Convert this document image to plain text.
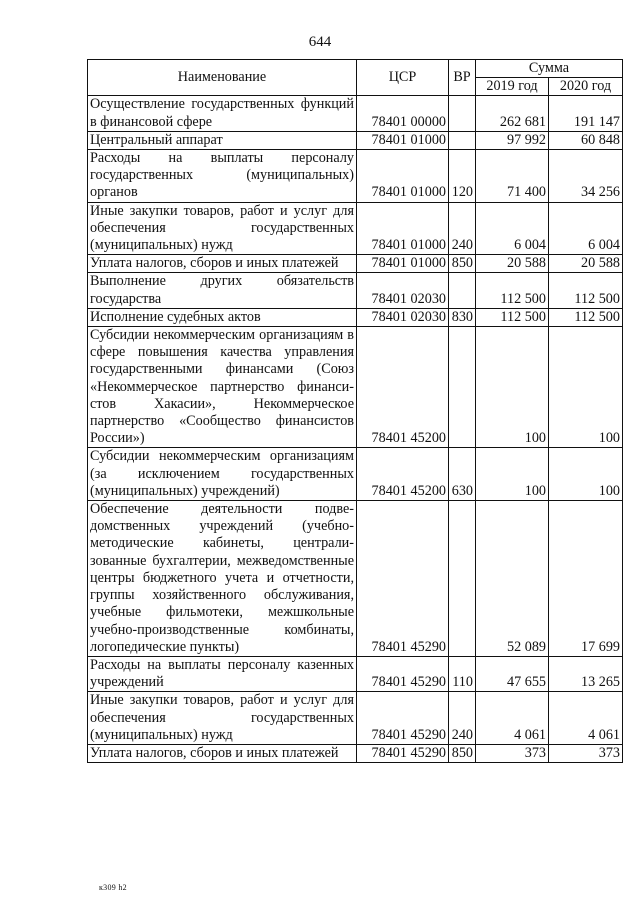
644
Наименование	ЦСР	ВР	Сумма	
			2019 год	2020 год
Осуществление государственных функций в финансовой сфере	78401 00000		262 681	191 147
Центральный аппарат	78401 01000		97 992	60 848
Расходы на выплаты персоналу государственных (муниципальных) органов	78401 01000	120	71 400	34 256
Иные закупки товаров, работ и услуг для обеспечения государственных (муниципальных) нужд	78401 01000	240	6 004	6 004
Уплата налогов, сборов и иных платежей	78401 01000	850	20 588	20 588
Выполнение других обязательств государства	78401 02030		112 500	112 500
Исполнение судебных актов	78401 02030	830	112 500	112 500
Субсидии некоммерческим организациям в сфере повышения качества управления государственными финансами (Союз «Некоммерческое партнерство финансистов Хакасии», Некоммерческое партнерство «Сообщество финансистов России»)	78401 45200		100	100
Субсидии некоммерческим организациям (за исключением государственных (муниципальных) учреждений)	78401 45200	630	100	100
Обеспечение деятельности подведомственных учреждений (учебно-методические кабинеты, централизованные бухгалтерии, межведомственные центры бюджетного учета и отчетности, группы хозяйственного обслуживания, учебные фильмотеки, межшкольные учебно-производственные комбинаты, логопедические пункты)	78401 45290		52 089	17 699
Расходы на выплаты персоналу казенных учреждений	78401 45290	110	47 655	13 265
Иные закупки товаров, работ и услуг для обеспечения государственных (муниципальных) нужд	78401 45290	240	4 061	4 061
Уплата налогов, сборов и иных платежей	78401 45290	850	373	373
к309 h2
